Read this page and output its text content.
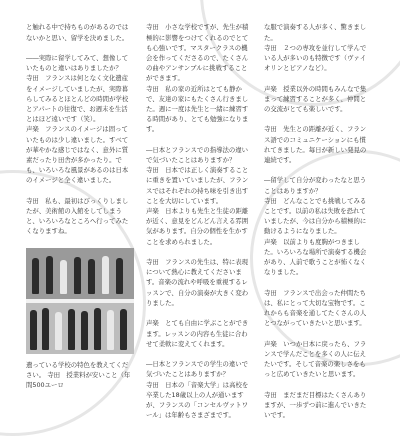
と触れる中で持ちものがあるのではないかと思い、留学を決めました。

――実際に留学してみて、想像していたものと違いはありましたか？
寺田　フランスは何となく文化遺産をイメージしていましたが、実際暮らしてみるとほとんどの時間が学校とアパートの往復で、お週末を生活とはほど遠いです（笑）。
声楽　フランスのイメージは固っていたものは少し違いました。すべてが華やかな感じではなく、意外に質素だったり田舎が多かったり。でも、いろいろな風景があるのは日本のイメージと全く違いました。

寺田　私も、最初はびっくりしましたが、美術館の入館をしてしまうと、いろいろなところへ行ってみたくなりますね。

遺っている学校の特色を教えてください。 寺田　授業料が安いこと（年間500ユーロ

寺田　小さな学校ですが、先生が積極的に影響をつけてくれるのでとても心強いです。マスタークラスの機会を作ってくださるので、たくさんの曲やアンサンブルに挑戦することができます。
寺田　私の家の近所はとても静かで、友達の家にもたくさん行きました。週に一度は先生と一緒に練習する時間があり、とても勉強になります。

―日本とフランスでの指導法の違いで気づいたことはありますか？
寺田　日本では正しく演奏することに重きを置いていましたが、フランスではそれぞれの持ち味を引き出すことを大切にしています。
声楽　日本よりも先生と生徒の距離が近く、意見をどんどん言える雰囲気があります。自分の個性を生かすことを求められました。

寺田　フランスの先生は、特に表現について熱心に教えてくださいます。音楽の流れや呼吸を重視するレッスンで、自分の演奏が大きく変わりました。

声楽　とても自由に学ぶことができます。レッスンの内容も生徒に合わせて柔軟に変えてくれます。

―日本とフランスでの学生の違いで気づいたことはありますか？
寺田　日本の「音楽大学」は高校を卒業した18歳以上の人が通いますが、フランスの「コンセルヴァトワール」は年齢もさまざまです。

な服で演奏する人が多く、驚きました。
寺田　２つの専攻を並行して学んでいる人が多いのも特徴です（ヴァイオリンとピアノなど）。

声楽　授業以外の時間もみんなで集まって練習することが多く、仲間との交流がとても楽しいです。

寺田　先生との距離が近く、フランス語でのコミュニケーションにも慣れてきました。毎日が新しい発見の連続です。

―留学して自分が変わったなと思うことはありますか？
寺田　どんなことでも挑戦してみることです。以前の私は失敗を恐れていましたが、今は自分から積極的に動けるようになりました。
声楽　以前よりも度胸がつきました。いろいろな場所で演奏する機会があり、人前で歌うことが怖くなくなりました。

寺田　フランスで出会った仲間たちは、私にとって大切な宝物です。これからも音楽を通してたくさんの人とつながっていきたいと思います。

声楽　いつか日本に戻ったら、フランスで学んだことを多くの人に伝えたいです。そして音楽の楽しさをもっと広めていきたいと思います。

寺田　まだまだ目標はたくさんありますが、一歩ずつ前に進んでいきたいです。
